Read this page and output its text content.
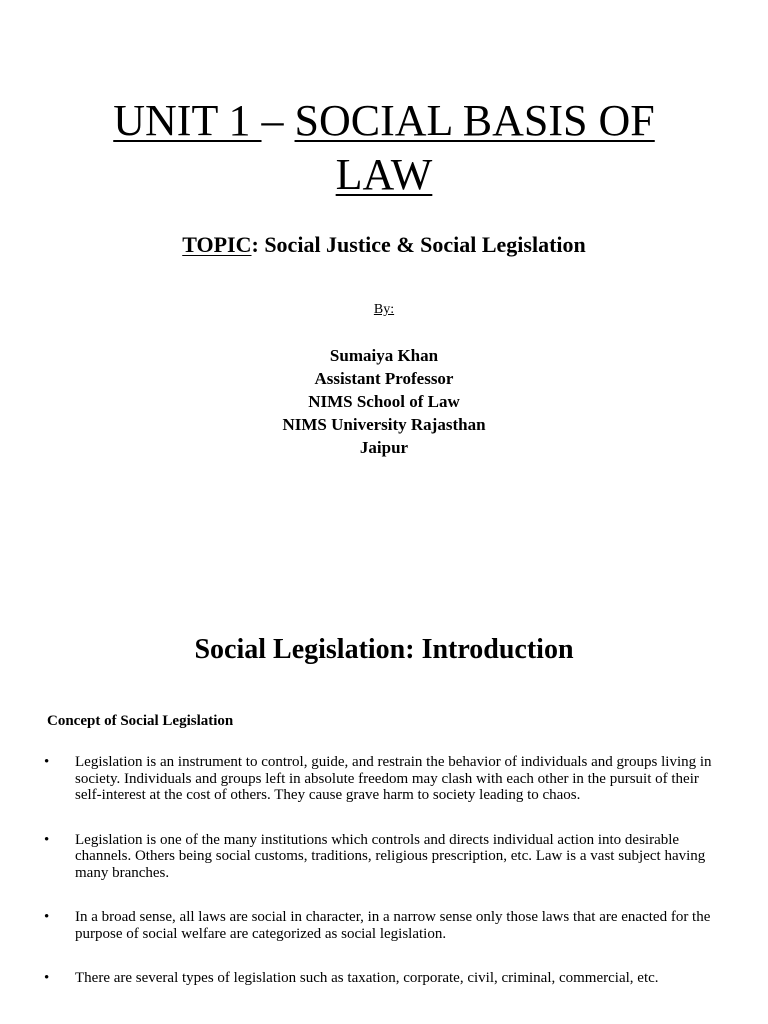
UNIT 1 – SOCIAL BASIS OF
LAW
TOPIC: Social Justice & Social Legislation
By:
Sumaiya Khan
Assistant Professor
NIMS School of Law
NIMS University Rajasthan
Jaipur
Social Legislation: Introduction
Concept of Social Legislation
• Legislation is an instrument to control, guide, and restrain the behavior of individuals and groups living in society. Individuals and groups left in absolute freedom may clash with each other in the pursuit of their self-interest at the cost of others. They cause grave harm to society leading to chaos.
• Legislation is one of the many institutions which controls and directs individual action into desirable channels. Others being social customs, traditions, religious prescription, etc. Law is a vast subject having many branches.
• In a broad sense, all laws are social in character, in a narrow sense only those laws that are enacted for the purpose of social welfare are categorized as social legislation.
• There are several types of legislation such as taxation, corporate, civil, criminal, commercial, etc.
